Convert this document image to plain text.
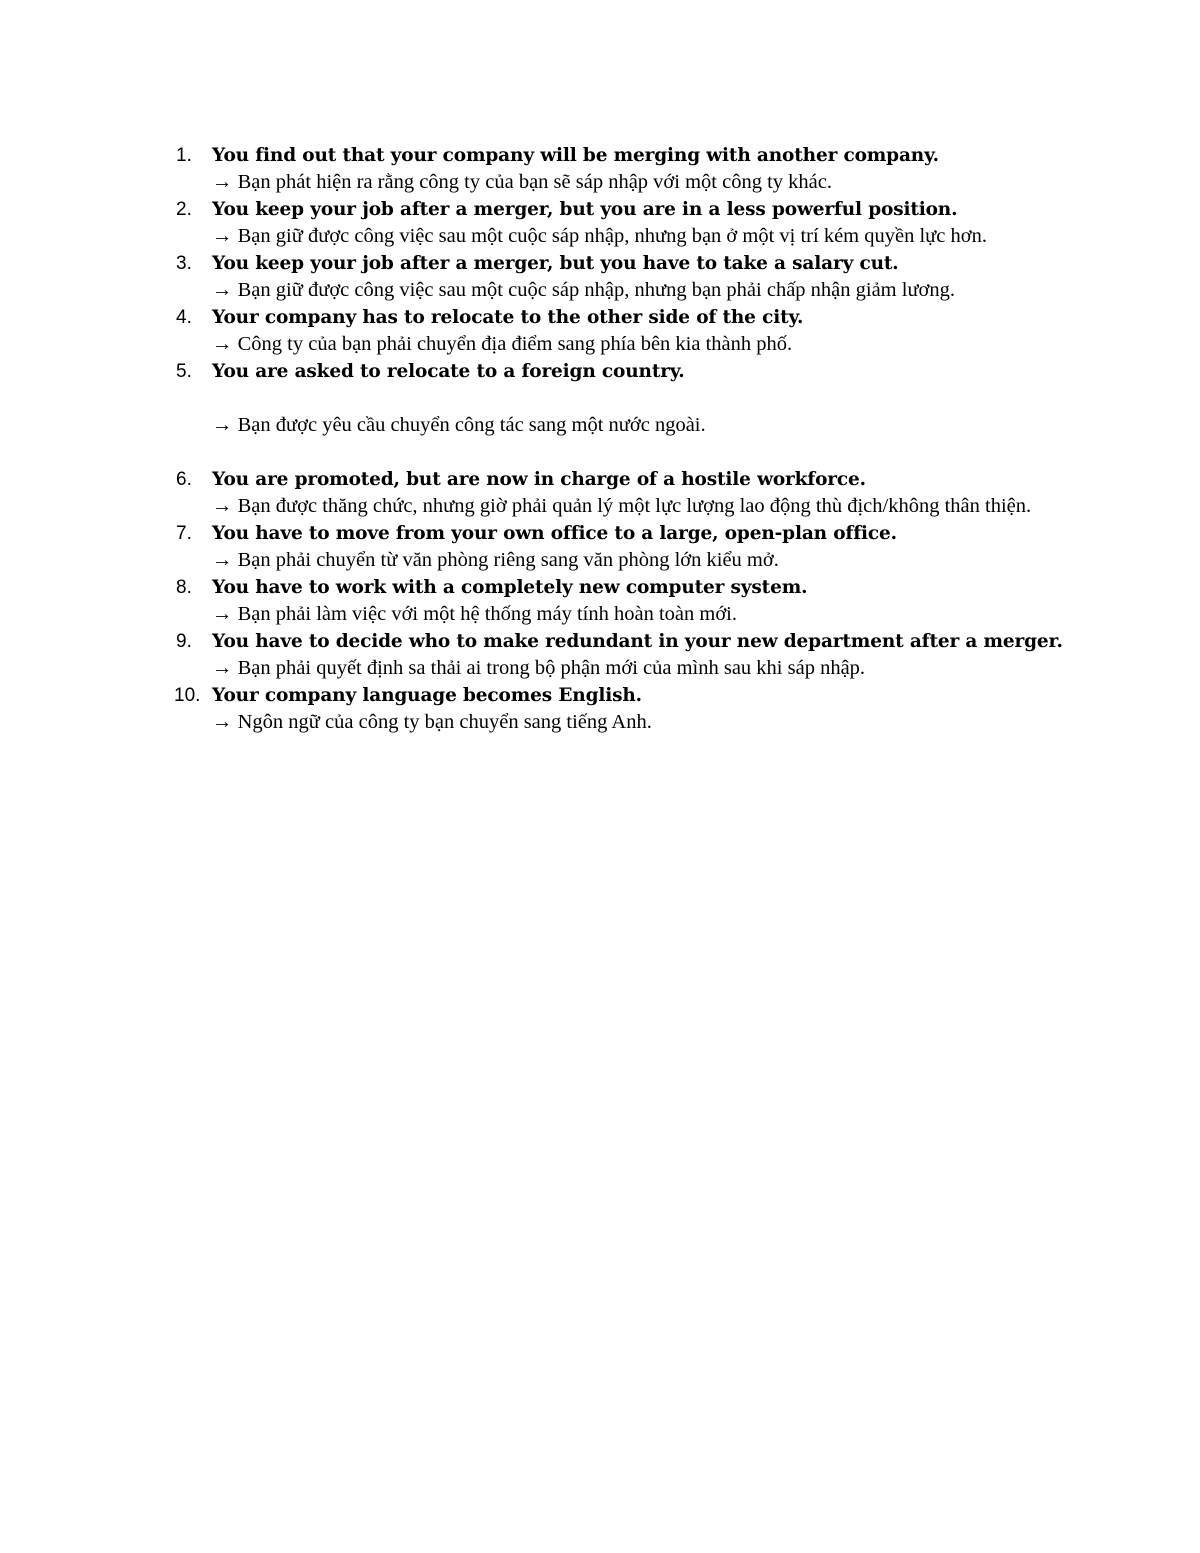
1. You find out that your company will be merging with another company.
→ Bạn phát hiện ra rằng công ty của bạn sẽ sáp nhập với một công ty khác.
2. You keep your job after a merger, but you are in a less powerful position.
→ Bạn giữ được công việc sau một cuộc sáp nhập, nhưng bạn ở một vị trí kém quyền lực hơn.
3. You keep your job after a merger, but you have to take a salary cut.
→ Bạn giữ được công việc sau một cuộc sáp nhập, nhưng bạn phải chấp nhận giảm lương.
4. Your company has to relocate to the other side of the city.
→ Công ty của bạn phải chuyển địa điểm sang phía bên kia thành phố.
5. You are asked to relocate to a foreign country.
→ Bạn được yêu cầu chuyển công tác sang một nước ngoài.
6. You are promoted, but are now in charge of a hostile workforce.
→ Bạn được thăng chức, nhưng giờ phải quản lý một lực lượng lao động thù địch/không thân thiện.
7. You have to move from your own office to a large, open-plan office.
→ Bạn phải chuyển từ văn phòng riêng sang văn phòng lớn kiểu mở.
8. You have to work with a completely new computer system.
→ Bạn phải làm việc với một hệ thống máy tính hoàn toàn mới.
9. You have to decide who to make redundant in your new department after a merger.
→ Bạn phải quyết định sa thải ai trong bộ phận mới của mình sau khi sáp nhập.
10. Your company language becomes English.
→ Ngôn ngữ của công ty bạn chuyển sang tiếng Anh.
